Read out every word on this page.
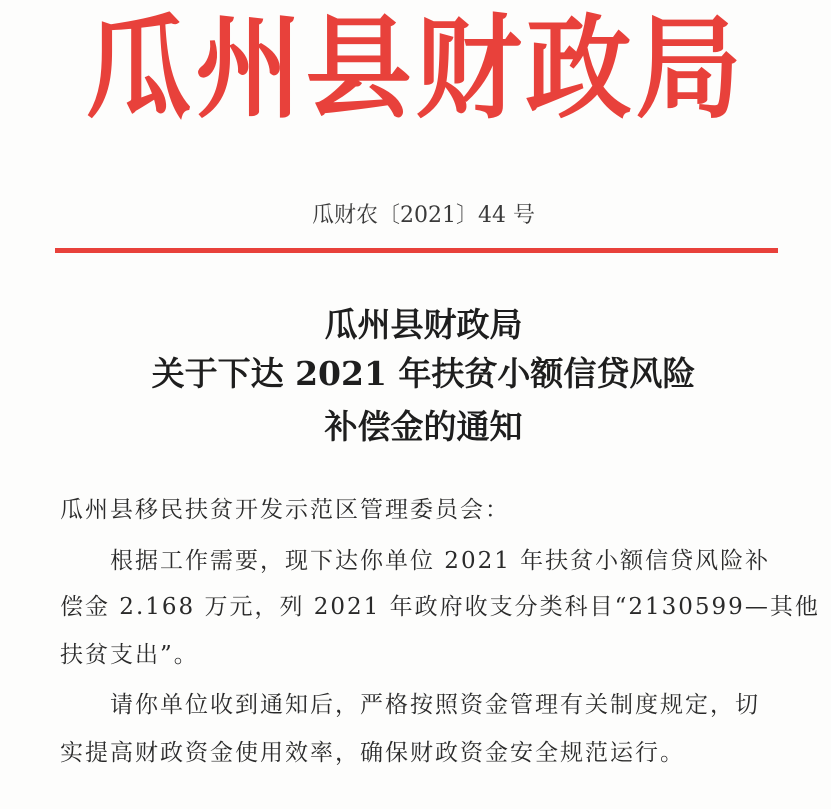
瓜州县财政局
瓜财农〔2021〕44 号
瓜州县财政局
关于下达 2021 年扶贫小额信贷风险
补偿金的通知
瓜州县移民扶贫开发示范区管理委员会：
根据工作需要，现下达你单位 2021 年扶贫小额信贷风险补
偿金 2.168 万元，列 2021 年政府收支分类科目“2130599—其他
扶贫支出”。
请你单位收到通知后，严格按照资金管理有关制度规定，切
实提高财政资金使用效率，确保财政资金安全规范运行。
